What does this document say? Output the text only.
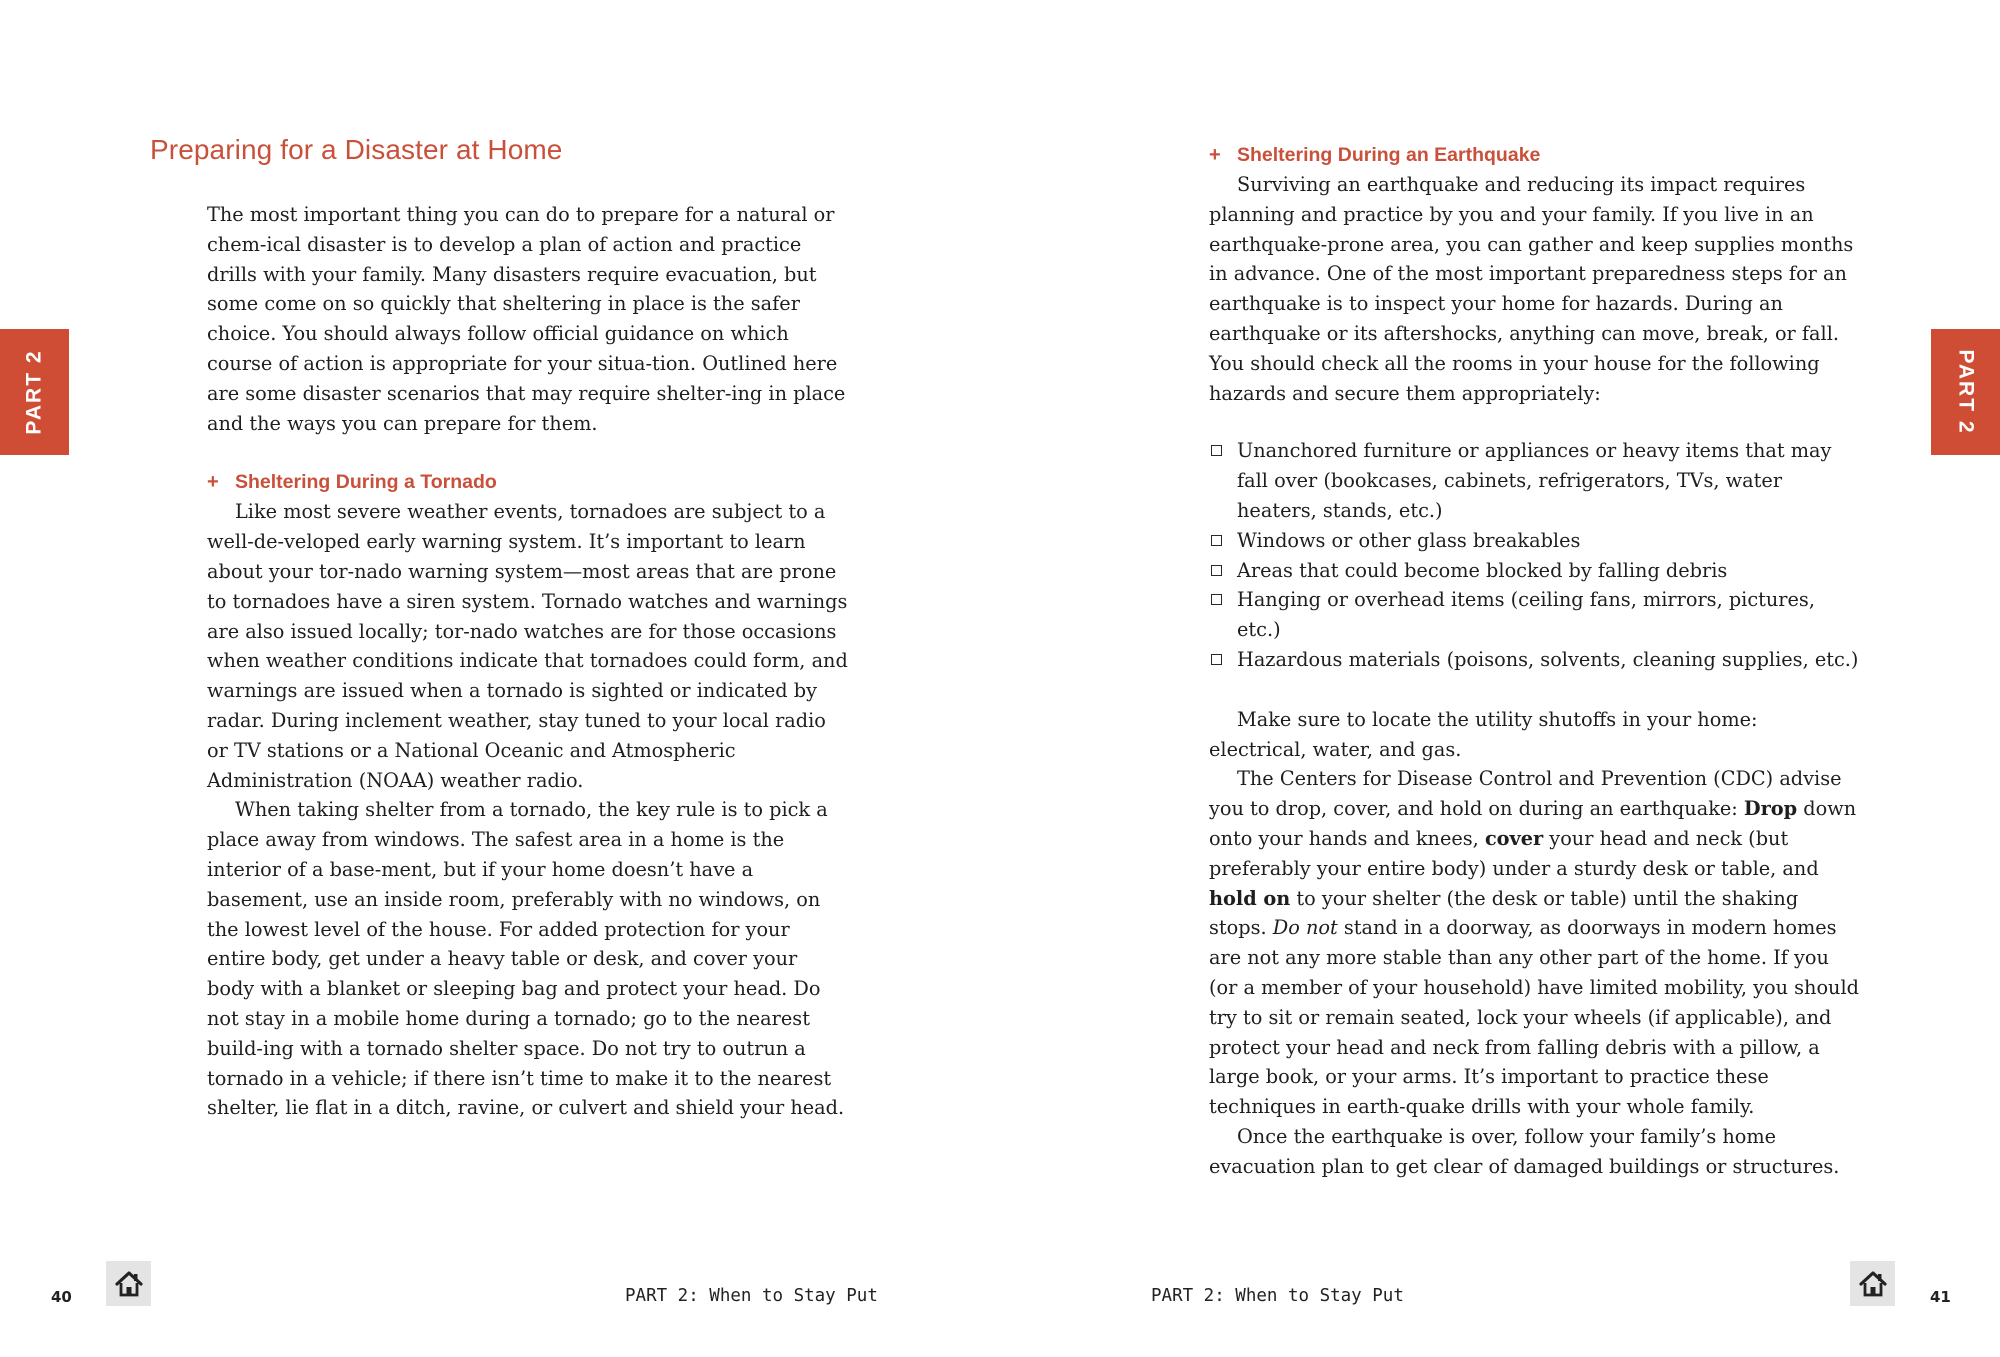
PART 2
Preparing for a Disaster at Home

The most important thing you can do to prepare for a natural or chem-ical disaster is to develop a plan of action and practice drills with your family. Many disasters require evacuation, but some come on so quickly that sheltering in place is the safer choice. You should always follow official guidance on which course of action is appropriate for your situa-tion. Outlined here are some disaster scenarios that may require shelter-ing in place and the ways you can prepare for them.

+ Sheltering During a Tornado

Like most severe weather events, tornadoes are subject to a well-de-veloped early warning system. It’s important to learn about your tor-nado warning system—most areas that are prone to tornadoes have a siren system. Tornado watches and warnings are also issued locally; tor-nado watches are for those occasions when weather conditions indicate that tornadoes could form, and warnings are issued when a tornado is sighted or indicated by radar. During inclement weather, stay tuned to your local radio or TV stations or a National Oceanic and Atmospheric Administration (NOAA) weather radio.

When taking shelter from a tornado, the key rule is to pick a place away from windows. The safest area in a home is the interior of a base-ment, but if your home doesn’t have a basement, use an inside room, preferably with no windows, on the lowest level of the house. For added protection for your entire body, get under a heavy table or desk, and cover your body with a blanket or sleeping bag and protect your head. Do not stay in a mobile home during a tornado; go to the nearest build-ing with a tornado shelter space. Do not try to outrun a tornado in a vehicle; if there isn’t time to make it to the nearest shelter, lie flat in a ditch, ravine, or culvert and shield your head.

40	PART 2: When to Stay Put
PART 2
+ Sheltering During an Earthquake

Surviving an earthquake and reducing its impact requires planning and practice by you and your family. If you live in an earthquake-prone area, you can gather and keep supplies months in advance. One of the most important preparedness steps for an earthquake is to inspect your home for hazards. During an earthquake or its aftershocks, anything can move, break, or fall. You should check all the rooms in your house for the following hazards and secure them appropriately:

Unanchored furniture or appliances or heavy items that may fall over (bookcases, cabinets, refrigerators, TVs, water heaters, stands, etc.)
Windows or other glass breakables
Areas that could become blocked by falling debris
Hanging or overhead items (ceiling fans, mirrors, pictures, etc.)
Hazardous materials (poisons, solvents, cleaning supplies, etc.)

Make sure to locate the utility shutoffs in your home: electrical, water, and gas.

The Centers for Disease Control and Prevention (CDC) advise you to drop, cover, and hold on during an earthquake: Drop down onto your hands and knees, cover your head and neck (but preferably your entire body) under a sturdy desk or table, and hold on to your shelter (the desk or table) until the shaking stops. Do not stand in a doorway, as doorways in modern homes are not any more stable than any other part of the home. If you (or a member of your household) have limited mobility, you should try to sit or remain seated, lock your wheels (if applicable), and protect your head and neck from falling debris with a pillow, a large book, or your arms. It’s important to practice these techniques in earth-quake drills with your whole family.

Once the earthquake is over, follow your family’s home evacuation plan to get clear of damaged buildings or structures.

PART 2: When to Stay Put	41
